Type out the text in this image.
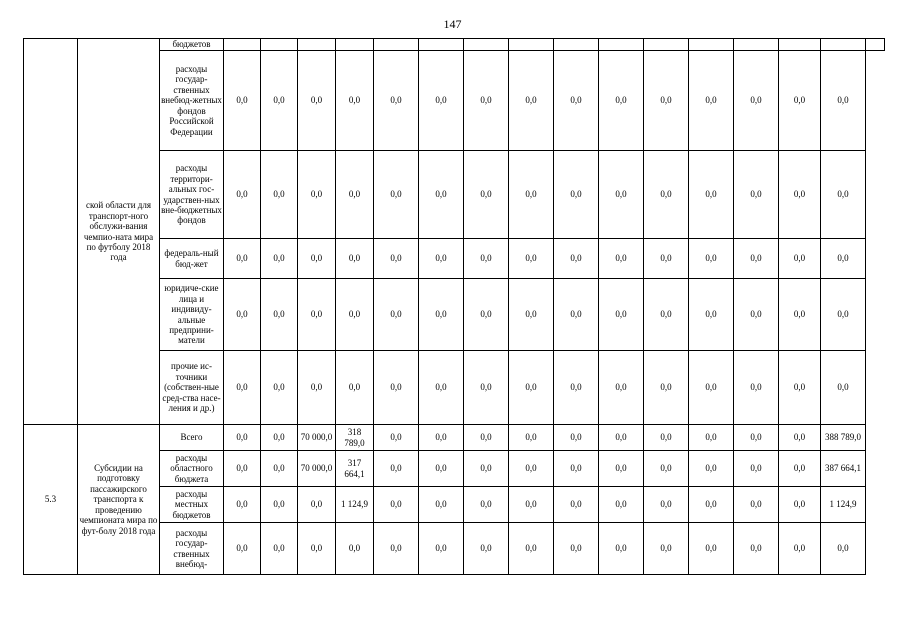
147
	ской области для транспорт-ного обслужи-вания чемпио-ната мира по футболу 2018 года	бюджетов																
		расходы государ-ственных внебюд-жетных фондов Российской Федерации	0,0	0,0	0,0	0,0	0,0	0,0	0,0	0,0	0,0	0,0	0,0	0,0	0,0	0,0	0,0	
		расходы территори-альных гос-ударствен-ных вне-бюджетных фондов	0,0	0,0	0,0	0,0	0,0	0,0	0,0	0,0	0,0	0,0	0,0	0,0	0,0	0,0	0,0	
		федераль-ный бюд-жет	0,0	0,0	0,0	0,0	0,0	0,0	0,0	0,0	0,0	0,0	0,0	0,0	0,0	0,0	0,0	
		юридиче-ские лица и индивиду-альные предприни-матели	0,0	0,0	0,0	0,0	0,0	0,0	0,0	0,0	0,0	0,0	0,0	0,0	0,0	0,0	0,0	
		прочие ис-точники (собствен-ные сред-ства насе-ления и др.)	0,0	0,0	0,0	0,0	0,0	0,0	0,0	0,0	0,0	0,0	0,0	0,0	0,0	0,0	0,0	
5.3	Субсидии на подготовку пассажирского транспорта к проведению чемпионата мира по фут-болу 2018 года	Всего	0,0	0,0	70 000,0	318 789,0	0,0	0,0	0,0	0,0	0,0	0,0	0,0	0,0	0,0	0,0	388 789,0	
		расходы областного бюджета	0,0	0,0	70 000,0	317 664,1	0,0	0,0	0,0	0,0	0,0	0,0	0,0	0,0	0,0	0,0	387 664,1	
		расходы местных бюджетов	0,0	0,0	0,0	1 124,9	0,0	0,0	0,0	0,0	0,0	0,0	0,0	0,0	0,0	0,0	1 124,9	
		расходы государ-ственных внебюд-	0,0	0,0	0,0	0,0	0,0	0,0	0,0	0,0	0,0	0,0	0,0	0,0	0,0	0,0	0,0	
